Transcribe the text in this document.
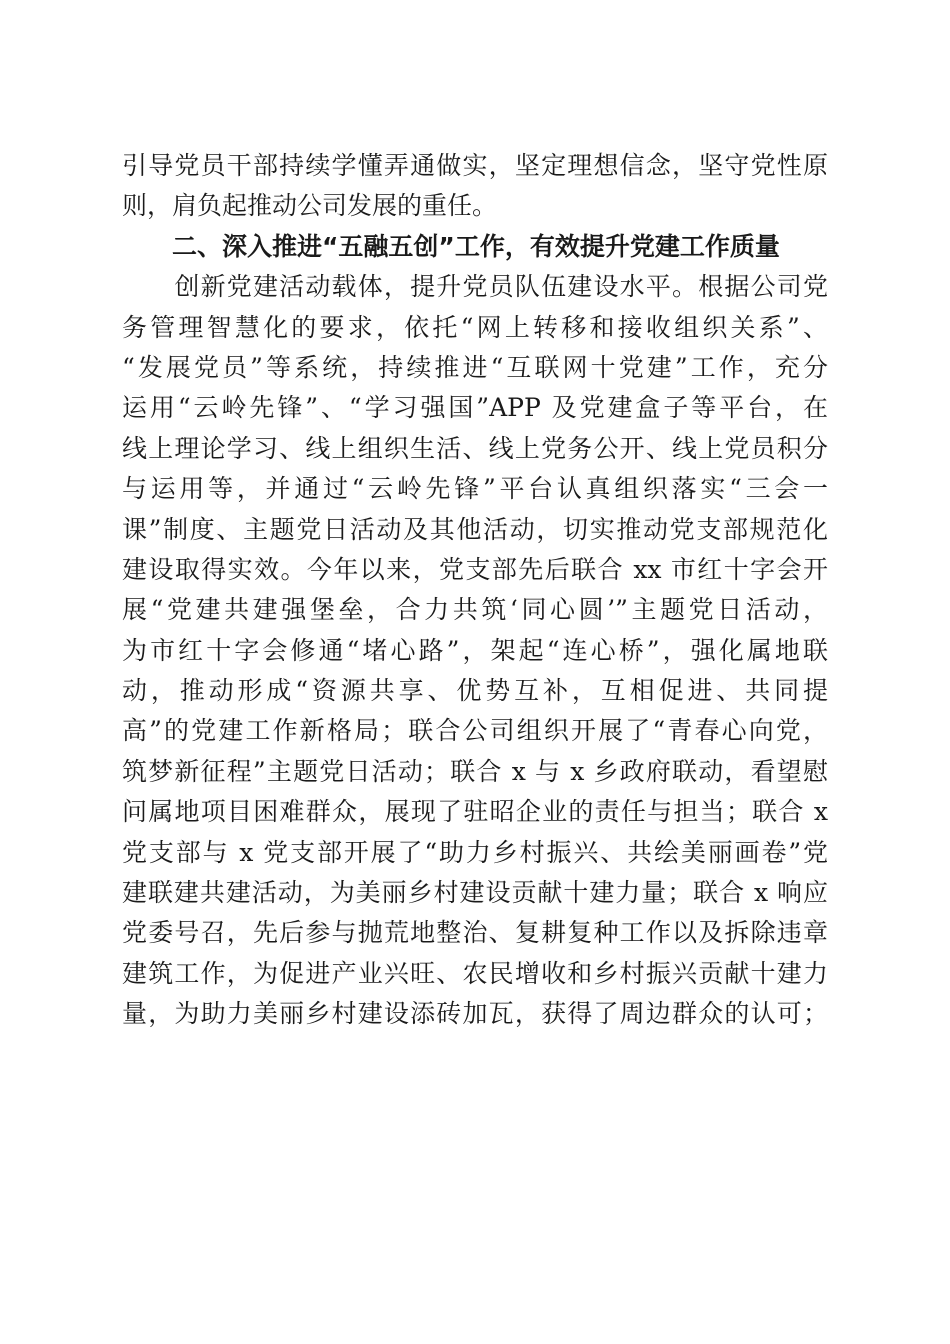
引导党员干部持续学懂弄通做实，坚定理想信念，坚守党性原
则，肩负起推动公司发展的重任。
二、深入推进“五融五创”工作，有效提升党建工作质量
　　创新党建活动载体，提升党员队伍建设水平。根据公司党
务管理智慧化的要求，依托“网上转移和接收组织关系”、
“发展党员”等系统，持续推进“互联网十党建”工作，充分
运用“云岭先锋”、“学习强国”APP 及党建盒子等平台，在
线上理论学习、线上组织生活、线上党务公开、线上党员积分
与运用等，并通过“云岭先锋”平台认真组织落实“三会一
课”制度、主题党日活动及其他活动，切实推动党支部规范化
建设取得实效。今年以来，党支部先后联合 xx 市红十字会开
展“党建共建强堡垒，合力共筑‘同心圆’”主题党日活动，
为市红十字会修通“堵心路”，架起“连心桥”，强化属地联
动，推动形成“资源共享、优势互补，互相促进、共同提
高”的党建工作新格局；联合公司组织开展了“青春心向党，
筑梦新征程”主题党日活动；联合 x 与 x 乡政府联动，看望慰
问属地项目困难群众，展现了驻昭企业的责任与担当；联合 x
党支部与 x 党支部开展了“助力乡村振兴、共绘美丽画卷”党
建联建共建活动，为美丽乡村建设贡献十建力量；联合 x 响应
党委号召，先后参与抛荒地整治、复耕复种工作以及拆除违章
建筑工作，为促进产业兴旺、农民增收和乡村振兴贡献十建力
量，为助力美丽乡村建设添砖加瓦，获得了周边群众的认可；
